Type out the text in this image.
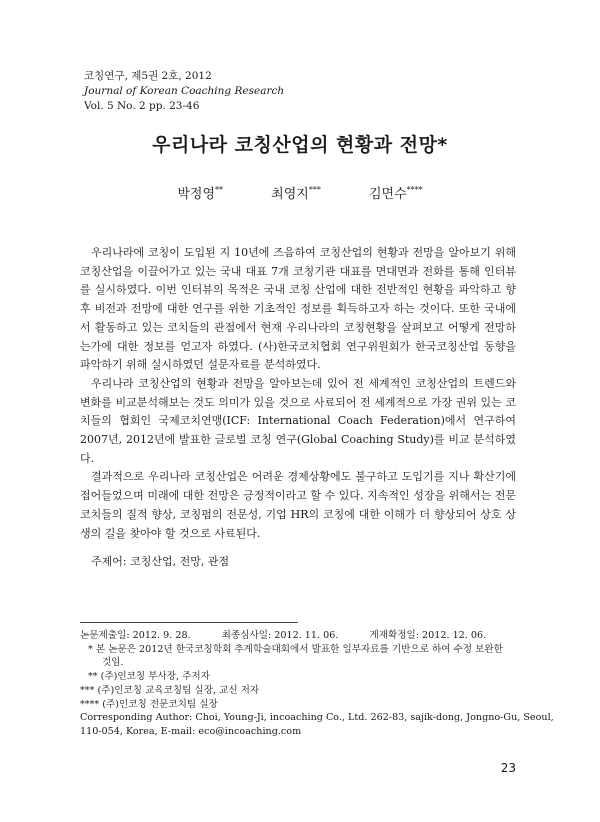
코칭연구, 제5권 2호, 2012
Journal of Korean Coaching Research
Vol. 5 No. 2 pp. 23-46
우리나라 코칭산업의 현황과 전망*
박정영**	최영지***	김면수****

우리나라에 코칭이 도입된 지 10년에 즈음하여 코칭산업의 현황과 전망을 알아보기 위해 코칭산업을 이끌어가고 있는 국내 대표 7개 코칭기관 대표를 면대면과 전화를 통해 인터뷰를 실시하였다. 이번 인터뷰의 목적은 국내 코칭 산업에 대한 전반적인 현황을 파악하고 향후 비전과 전망에 대한 연구를 위한 기초적인 정보를 획득하고자 하는 것이다. 또한 국내에서 활동하고 있는 코치들의 관점에서 현재 우리나라의 코칭현황을 살펴보고 어떻게 전망하는가에 대한 정보를 얻고자 하였다. (사)한국코치협회 연구위원회가 한국코칭산업 동향을 파악하기 위해 실시하였던 설문자료를 분석하였다.

우리나라 코칭산업의 현황과 전망을 알아보는데 있어 전 세계적인 코칭산업의 트렌드와 변화를 비교분석해보는 것도 의미가 있을 것으로 사료되어 전 세계적으로 가장 권위 있는 코치들의 협회인 국제코치연맹(ICF: International Coach Federation)에서 연구하여 2007년, 2012년에 발표한 글로벌 코칭 연구(Global Coaching Study)를 비교 분석하였다.

결과적으로 우리나라 코칭산업은 어려운 경제상황에도 불구하고 도입기를 지나 확산기에 접어들었으며 미래에 대한 전망은 긍정적이라고 할 수 있다. 지속적인 성장을 위해서는 전문코치들의 질적 향상, 코칭펌의 전문성, 기업 HR의 코칭에 대한 이해가 더 향상되어 상호 상생의 길을 찾아야 할 것으로 사료된다.

주제어: 코칭산업, 전망, 관점
논문제출일: 2012. 9. 28.	최종심사일: 2012. 11. 06.	게재확정일: 2012. 12. 06.
* 본 논문은 2012년 한국코칭학회 추계학술대회에서 발표한 일부자료를 기반으로 하여 수정 보완한
것임.
** (주)인코칭 부사장, 주저자
*** (주)인코칭 교육코칭팀 실장, 교신 저자
**** (주)인코칭 전문코치팀 실장
Corresponding Author: Choi, Young-Ji, incoaching Co., Ltd. 262-83, sajik-dong, Jongno-Gu, Seoul,
110-054, Korea, E-mail: eco@incoaching.com
23
